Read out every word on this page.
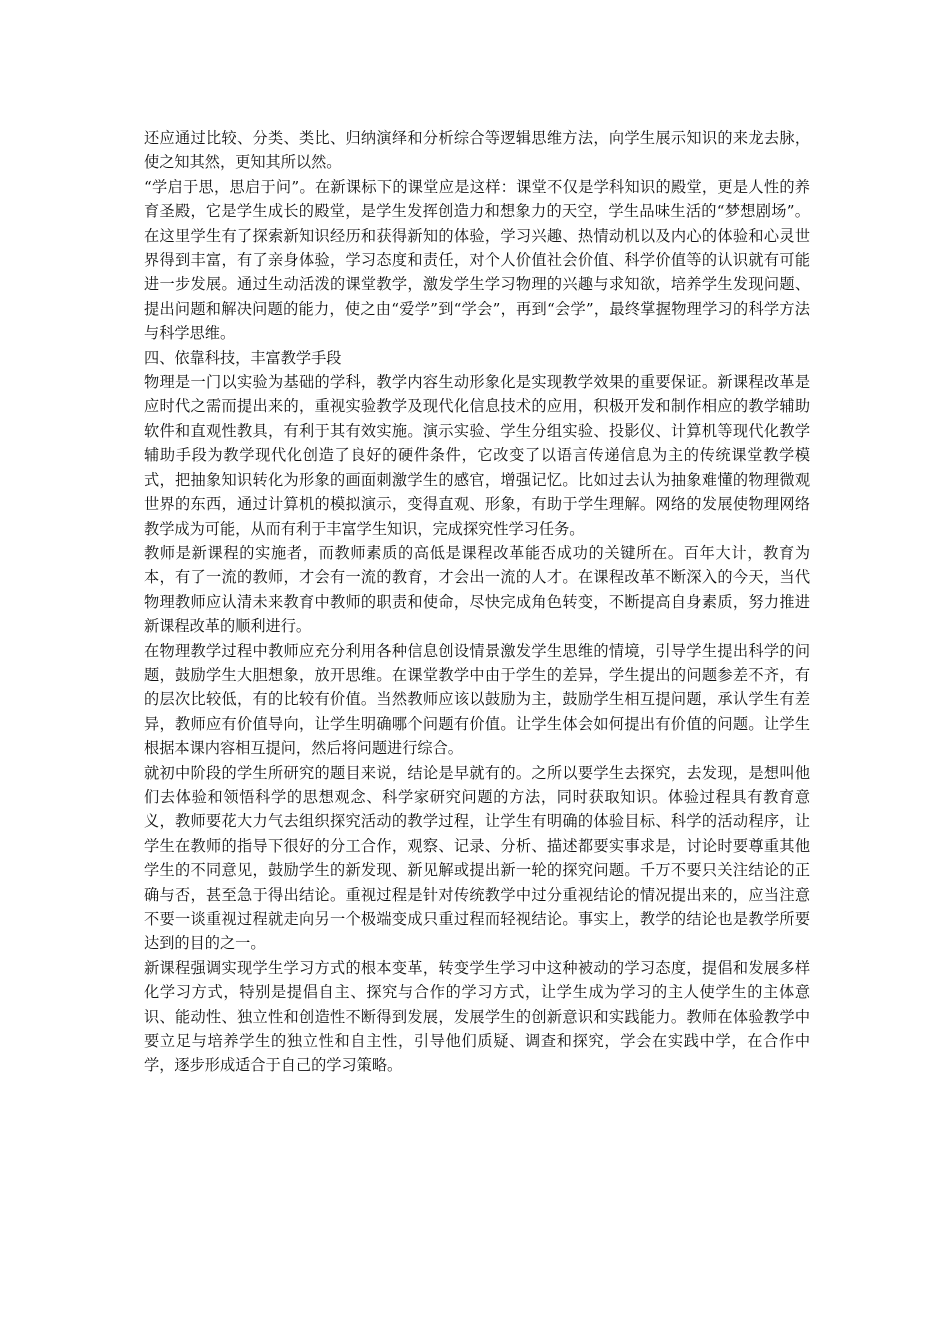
还应通过比较、分类、类比、归纳演绎和分析综合等逻辑思维方法，向学生展示知识的来龙去脉，使之知其然，更知其所以然。

“学启于思，思启于问”。在新课标下的课堂应是这样：课堂不仅是学科知识的殿堂，更是人性的养育圣殿，它是学生成长的殿堂，是学生发挥创造力和想象力的天空，学生品味生活的“梦想剧场”。在这里学生有了探索新知识经历和获得新知的体验，学习兴趣、热情动机以及内心的体验和心灵世界得到丰富，有了亲身体验，学习态度和责任，对个人价值社会价值、科学价值等的认识就有可能进一步发展。通过生动活泼的课堂教学，激发学生学习物理的兴趣与求知欲，培养学生发现问题、提出问题和解决问题的能力，使之由“爱学”到“学会”，再到“会学”，最终掌握物理学习的科学方法与科学思维。

四、依靠科技，丰富教学手段

物理是一门以实验为基础的学科，教学内容生动形象化是实现教学效果的重要保证。新课程改革是应时代之需而提出来的，重视实验教学及现代化信息技术的应用，积极开发和制作相应的教学辅助软件和直观性教具，有利于其有效实施。演示实验、学生分组实验、投影仪、计算机等现代化教学辅助手段为教学现代化创造了良好的硬件条件，它改变了以语言传递信息为主的传统课堂教学模式，把抽象知识转化为形象的画面刺激学生的感官，增强记忆。比如过去认为抽象难懂的物理微观世界的东西，通过计算机的模拟演示，变得直观、形象，有助于学生理解。网络的发展使物理网络教学成为可能，从而有利于丰富学生知识，完成探究性学习任务。

教师是新课程的实施者，而教师素质的高低是课程改革能否成功的关键所在。百年大计，教育为本，有了一流的教师，才会有一流的教育，才会出一流的人才。在课程改革不断深入的今天，当代物理教师应认清未来教育中教师的职责和使命，尽快完成角色转变，不断提高自身素质，努力推进新课程改革的顺利进行。

在物理教学过程中教师应充分利用各种信息创设情景激发学生思维的情境，引导学生提出科学的问题，鼓励学生大胆想象，放开思维。在课堂教学中由于学生的差异，学生提出的问题参差不齐，有的层次比较低，有的比较有价值。当然教师应该以鼓励为主，鼓励学生相互提问题，承认学生有差异，教师应有价值导向，让学生明确哪个问题有价值。让学生体会如何提出有价值的问题。让学生根据本课内容相互提问，然后将问题进行综合。

就初中阶段的学生所研究的题目来说，结论是早就有的。之所以要学生去探究，去发现，是想叫他们去体验和领悟科学的思想观念、科学家研究问题的方法，同时获取知识。体验过程具有教育意义，教师要花大力气去组织探究活动的教学过程，让学生有明确的体验目标、科学的活动程序，让学生在教师的指导下很好的分工合作，观察、记录、分析、描述都要实事求是，讨论时要尊重其他学生的不同意见，鼓励学生的新发现、新见解或提出新一轮的探究问题。千万不要只关注结论的正确与否，甚至急于得出结论。重视过程是针对传统教学中过分重视结论的情况提出来的，应当注意不要一谈重视过程就走向另一个极端变成只重过程而轻视结论。事实上，教学的结论也是教学所要达到的目的之一。

新课程强调实现学生学习方式的根本变革，转变学生学习中这种被动的学习态度，提倡和发展多样化学习方式，特别是提倡自主、探究与合作的学习方式，让学生成为学习的主人使学生的主体意识、能动性、独立性和创造性不断得到发展，发展学生的创新意识和实践能力。教师在体验教学中要立足与培养学生的独立性和自主性，引导他们质疑、调查和探究，学会在实践中学，在合作中学，逐步形成适合于自己的学习策略。
